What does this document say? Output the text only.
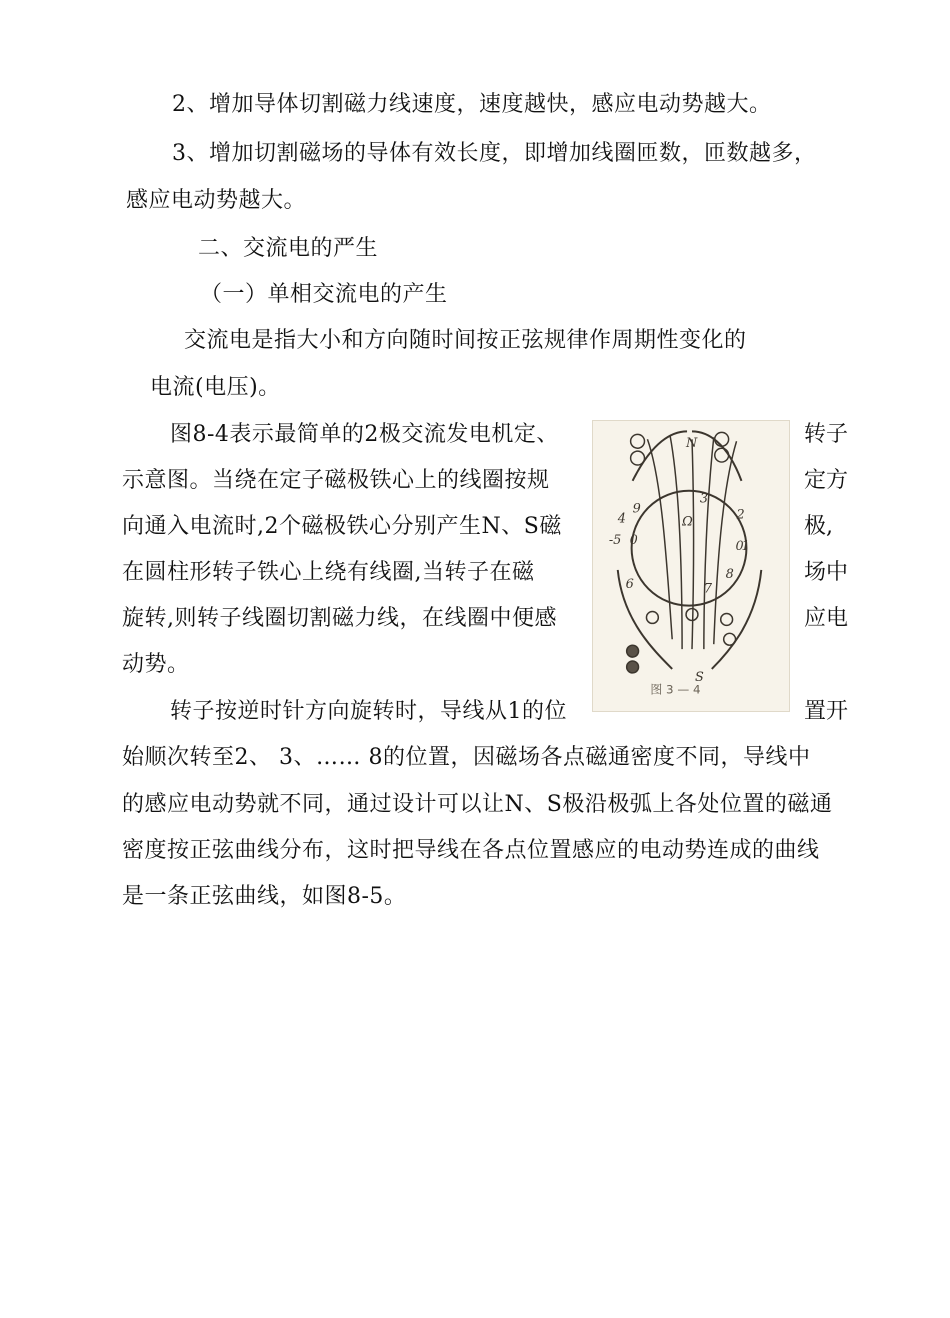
2、增加导体切割磁力线速度，速度越快，感应电动势越大。
3、增加切割磁场的导体有效长度，即增加线圈匝数，匝数越多，
感应电动势越大。
二、交流电的严生
（一）单相交流电的产生
交流电是指大小和方向随时间按正弦规律作周期性变化的
电流(电压)。
图8-4表示最简单的2极交流发电机定、	转子
示意图。当绕在定子磁极铁心上的线圈按规	定方
向通入电流时,2个磁极铁心分别产生N、S磁	极,
在圆柱形转子铁心上绕有线圈,当转子在磁	场中
旋转,则转子线圈切割磁力线，在线圈中便感	应电
动势。
转子按逆时针方向旋转时，导线从1的位	置开
始顺次转至2、 3、…… 8的位置，因磁场各点磁通密度不同，导线中
的感应电动势就不同，通过设计可以让N、S极沿极弧上各处位置的磁通
密度按正弦曲线分布，这时把导线在各点位置感应的电动势连成的曲线
是一条正弦曲线，如图8-5。
N
S
Ω
1
2
3
4
-5
6	7
8
9
0
0
图 3 — 4
